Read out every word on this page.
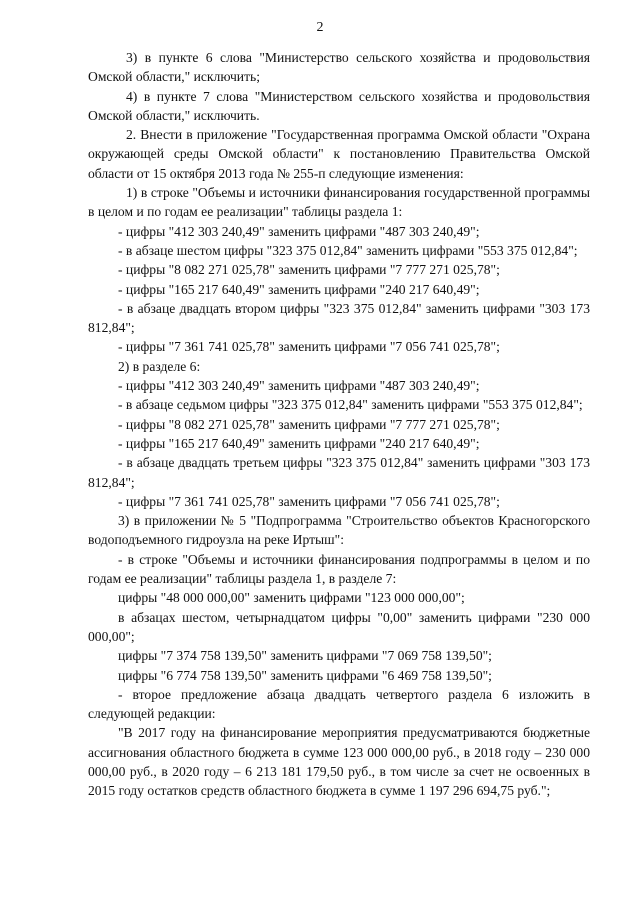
2

3) в пункте 6 слова "Министерство сельского хозяйства и продовольствия Омской области," исключить;

4) в пункте 7 слова "Министерством сельского хозяйства и продовольствия Омской области," исключить.

2. Внести в приложение "Государственная программа Омской области "Охрана окружающей среды Омской области" к постановлению Правительства Омской области от 15 октября 2013 года № 255-п следующие изменения:

1) в строке "Объемы и источники финансирования государственной программы в целом и по годам ее реализации" таблицы раздела 1:

- цифры "412 303 240,49" заменить цифрами "487 303 240,49";

- в абзаце шестом цифры "323 375 012,84" заменить цифрами "553 375 012,84";

- цифры "8 082 271 025,78" заменить цифрами "7 777 271 025,78";

- цифры "165 217 640,49" заменить цифрами "240 217 640,49";

- в абзаце двадцать втором цифры "323 375 012,84" заменить цифрами "303 173 812,84";

- цифры "7 361 741 025,78" заменить цифрами "7 056 741 025,78";

2) в разделе 6:

- цифры "412 303 240,49" заменить цифрами "487 303 240,49";

- в абзаце седьмом цифры "323 375 012,84" заменить цифрами "553 375 012,84";

- цифры "8 082 271 025,78" заменить цифрами "7 777 271 025,78";

- цифры "165 217 640,49" заменить цифрами "240 217 640,49";

- в абзаце двадцать третьем цифры "323 375 012,84" заменить цифрами "303 173 812,84";

- цифры "7 361 741 025,78" заменить цифрами "7 056 741 025,78";

3) в приложении № 5 "Подпрограмма "Строительство объектов Красногорского водоподъемного гидроузла на реке Иртыш":

- в строке "Объемы и источники финансирования подпрограммы в целом и по годам ее реализации" таблицы раздела 1, в разделе 7:

цифры "48 000 000,00" заменить цифрами "123 000 000,00";

в абзацах шестом, четырнадцатом цифры "0,00" заменить цифрами "230 000 000,00";

цифры "7 374 758 139,50" заменить цифрами "7 069 758 139,50";

цифры "6 774 758 139,50" заменить цифрами "6 469 758 139,50";

- второе предложение абзаца двадцать четвертого раздела 6 изложить в следующей редакции:

"В 2017 году на финансирование мероприятия предусматриваются бюджетные ассигнования областного бюджета в сумме 123 000 000,00 руб., в 2018 году – 230 000 000,00 руб., в 2020 году – 6 213 181 179,50 руб., в том числе за счет не освоенных в 2015 году остатков средств областного бюджета в сумме 1 197 296 694,75 руб.";
